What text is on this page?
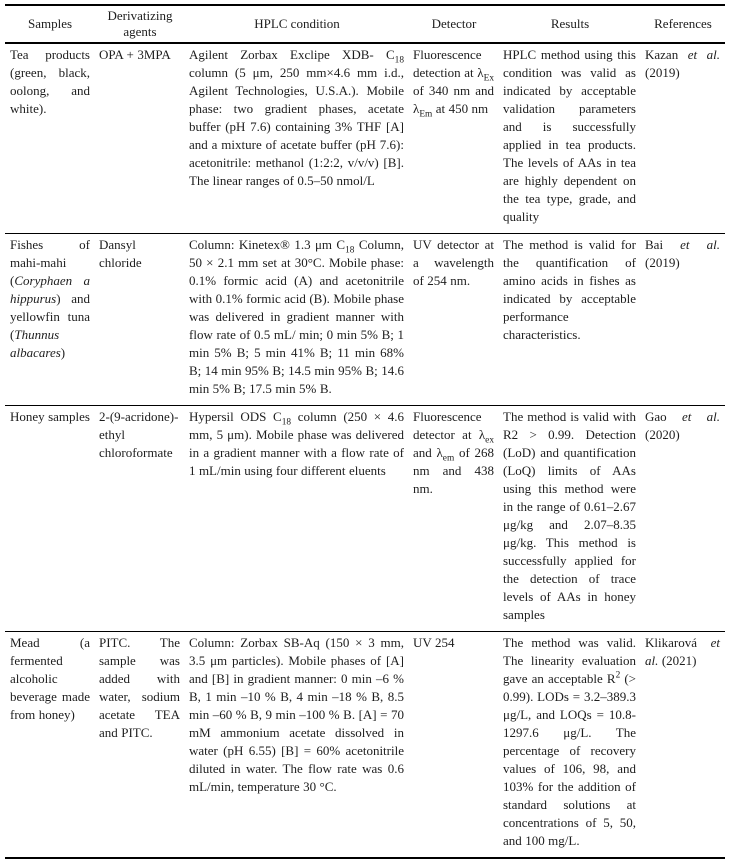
Samples	Derivatizing agents	HPLC condition	Detector	Results	References
Tea products (green, black, oolong, and white).	OPA + 3MPA	Agilent Zorbax Exclipe XDB- $C_{18}$ column (5 μm, 250 mm×4.6 mm i.d., Agilent Technologies, U.S.A.). Mobile phase: two gradient phases, acetate buffer (pH 7.6) containing 3% THF [A] and a mixture of acetate buffer (pH 7.6): acetonitrile: methanol (1:2:2, v/v/v) [B]. The linear ranges of 0.5–50 nmol/L	Fluorescence detection at $\lambda_{Ex}$ of 340 nm and $\lambda_{Em}$ at 450 nm	HPLC method using this condition was valid as indicated by acceptable validation parameters and is successfully applied in tea products. The levels of AAs in tea are highly dependent on the tea type, grade, and quality	Kazan et al. (2019)
Fishes of mahi-mahi (Coryphaen a hippurus) and yellowfin tuna (Thunnus albacares)	Dansyl chloride	Column: Kinetex® 1.3 μm $C_{18}$ Column, 50 × 2.1 mm set at 30°C. Mobile phase: 0.1% formic acid (A) and acetonitrile with 0.1% formic acid (B). Mobile phase was delivered in gradient manner with flow rate of 0.5 mL/ min; 0 min 5% B; 1 min 5% B; 5 min 41% B; 11 min 68% B; 14 min 95% B; 14.5 min 95% B; 14.6 min 5% B; 17.5 min 5% B.	UV detector at a wavelength of 254 nm.	The method is valid for the quantification of amino acids in fishes as indicated by acceptable performance characteristics.	Bai et al. (2019)
Honey samples	2-(9-acridone)-ethyl chloroformate	Hypersil ODS $C_{18}$ column (250 × 4.6 mm, 5 μm). Mobile phase was delivered in a gradient manner with a flow rate of 1 mL/min using four different eluents	Fluorescence detector at $\lambda_{ex}$ and $\lambda_{em}$ of 268 nm and 438 nm.	The method is valid with R2 > 0.99. Detection (LoD) and quantification (LoQ) limits of AAs using this method were in the range of 0.61–2.67 μg/kg and 2.07–8.35 μg/kg. This method is successfully applied for the detection of trace levels of AAs in honey samples	Gao et al. (2020)
Mead (a fermented alcoholic beverage made from honey)	PITC. The sample was added with water, sodium acetate TEA and PITC.	Column: Zorbax SB-Aq (150 × 3 mm, 3.5 μm particles). Mobile phases of [A] and [B] in gradient manner: 0 min –6 % B, 1 min –10 % B, 4 min –18 % B, 8.5 min –60 % B, 9 min –100 % B. [A] = 70 mM ammonium acetate dissolved in water (pH 6.55) [B] = 60% acetonitrile diluted in water. The flow rate was 0.6 mL/min, temperature 30 °C.	UV 254	The method was valid. The linearity evaluation gave an acceptable $R^2$ (> 0.99). LODs = 3.2–389.3 μg/L, and LOQs = 10.8-1297.6 μg/L. The percentage of recovery values of 106, 98, and 103% for the addition of standard solutions at concentrations of 5, 50, and 100 mg/L.	Klikarová et al. (2021)
